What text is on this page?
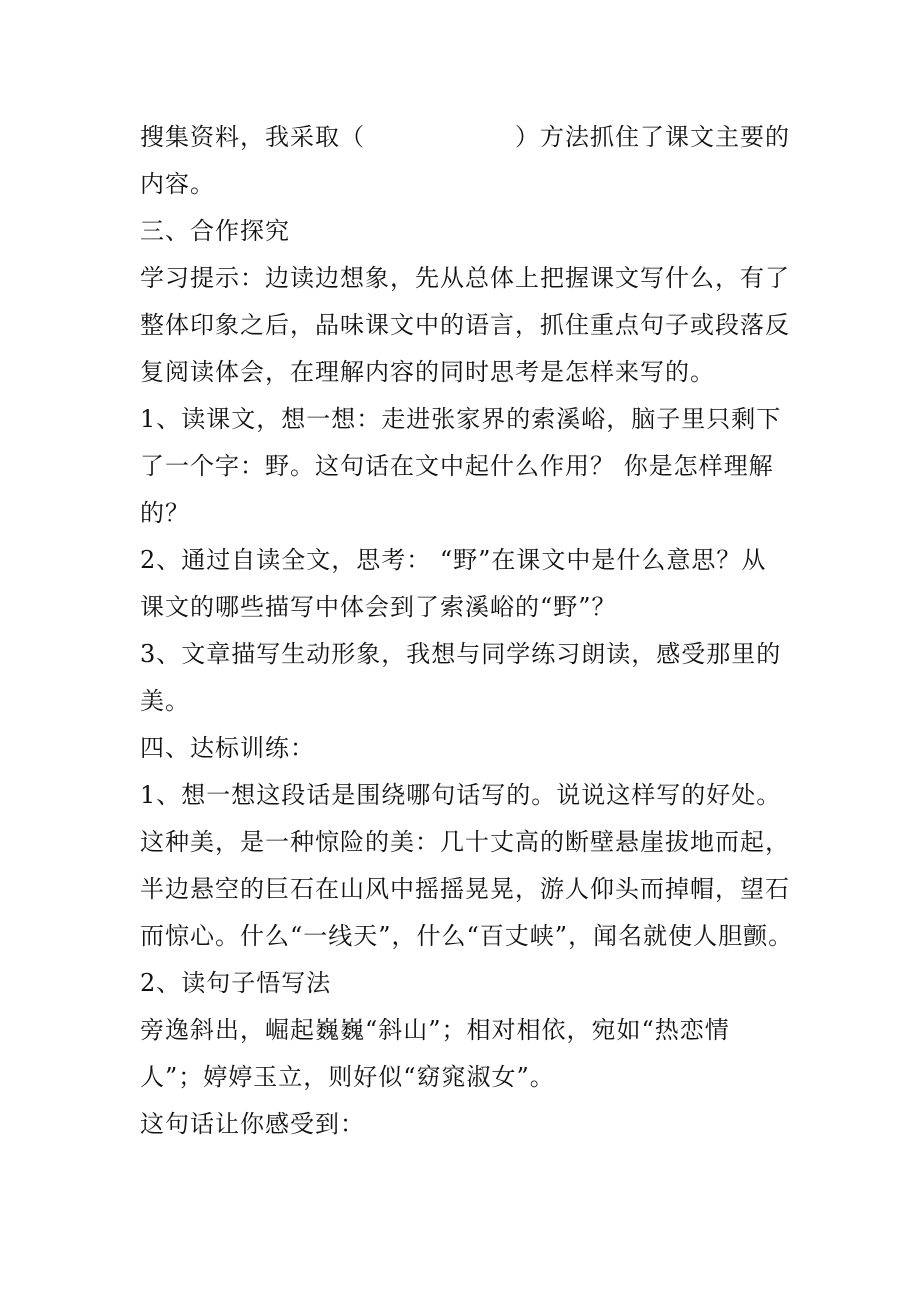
搜集资料，我采取（	）方法抓住了课文主要的
内容。
三、合作探究
学习提示：边读边想象，先从总体上把握课文写什么，有了
整体印象之后，品味课文中的语言，抓住重点句子或段落反
复阅读体会，在理解内容的同时思考是怎样来写的。
1、读课文，想一想：走进张家界的索溪峪，脑子里只剩下
了一个字：野。这句话在文中起什么作用？ 你是怎样理解
的？
2、通过自读全文，思考： “野”在课文中是什么意思？从
课文的哪些描写中体会到了索溪峪的“野”？
3、文章描写生动形象，我想与同学练习朗读，感受那里的
美。
四、达标训练：
1、想一想这段话是围绕哪句话写的。说说这样写的好处。
这种美，是一种惊险的美：几十丈高的断壁悬崖拔地而起，
半边悬空的巨石在山风中摇摇晃晃，游人仰头而掉帽，望石
而惊心。什么“一线天”，什么“百丈峡”，闻名就使人胆颤。
2、读句子悟写法
旁逸斜出，崛起巍巍“斜山”；相对相依，宛如“热恋情
人”；婷婷玉立，则好似“窈窕淑女”。
这句话让你感受到：
